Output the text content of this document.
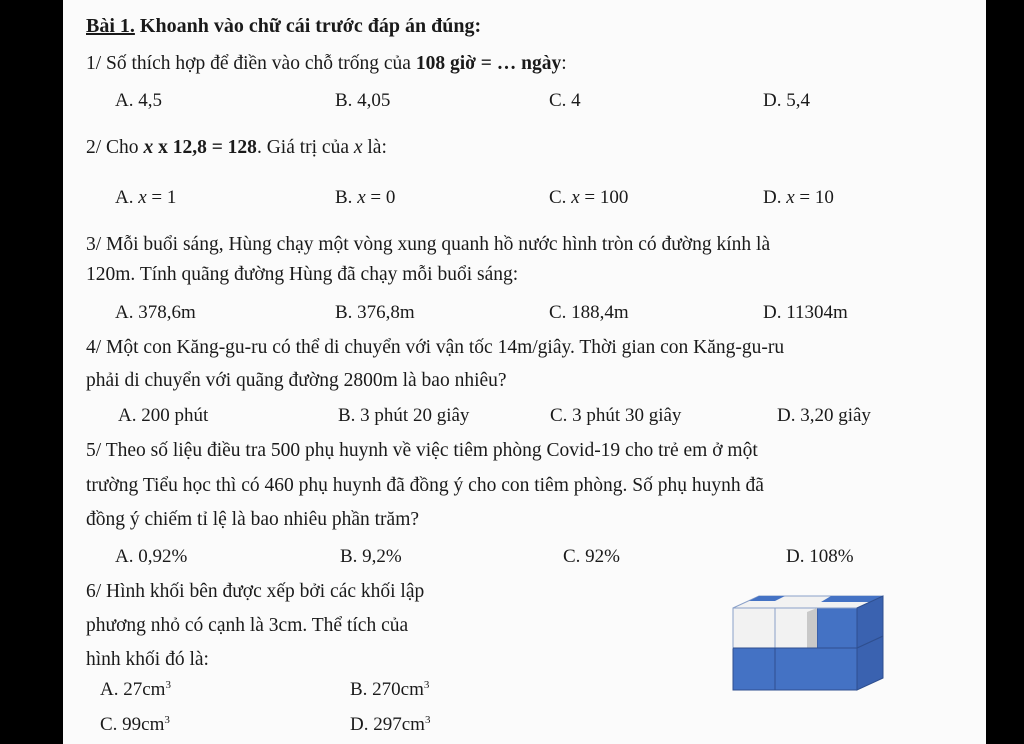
Bài 1. Khoanh vào chữ cái trước đáp án đúng:
1/ Số thích hợp để điền vào chỗ trống của 108 giờ = … ngày:
A. 4,5	B. 4,05	C. 4	D. 5,4
2/ Cho x x 12,8 = 128. Giá trị của x là:
A. x = 1	B. x = 0	C. x = 100	D. x = 10
3/ Mỗi buổi sáng, Hùng chạy một vòng xung quanh hồ nước hình tròn có đường kính là
120m. Tính quãng đường Hùng đã chạy mỗi buổi sáng:
A. 378,6m	B. 376,8m	C. 188,4m	D. 11304m
4/ Một con Kăng-gu-ru có thể di chuyển với vận tốc 14m/giây. Thời gian con Kăng-gu-ru
phải di chuyển với quãng đường 2800m là bao nhiêu?
A. 200 phút	B. 3 phút 20 giây	C. 3 phút 30 giây	D. 3,20 giây
5/ Theo số liệu điều tra 500 phụ huynh về việc tiêm phòng Covid-19 cho trẻ em ở một
trường Tiểu học thì có 460 phụ huynh đã đồng ý cho con tiêm phòng. Số phụ huynh đã
đồng ý chiếm tỉ lệ là bao nhiêu phần trăm?
A. 0,92%	B. 9,2%	C. 92%	D. 108%
6/ Hình khối bên được xếp bởi các khối lập
phương nhỏ có cạnh là 3cm. Thể tích của
hình khối đó là:
A. $27cm^3$	B. $270cm^3$
C. $99cm^3$	D. $297cm^3$
